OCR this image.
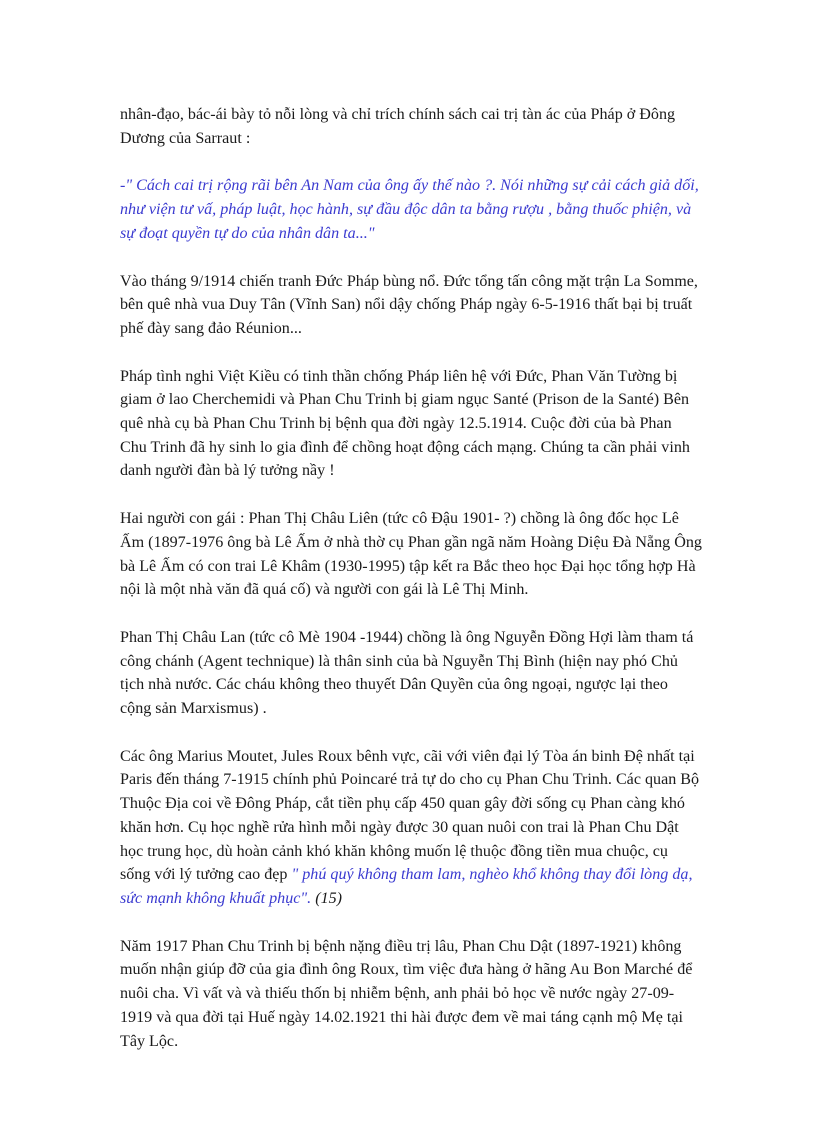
nhân-đạo, bác-ái bày tỏ nỗi lòng và chỉ trích chính sách cai trị tàn ác của Pháp ở Đông Dương của Sarraut :

-" Cách cai trị rộng rãi bên An Nam của ông ấy thế nào ?. Nói những sự cải cách giả dối, như viện tư vấ, pháp luật, học hành, sự đầu độc dân ta bằng rượu , bằng thuốc phiện, và sự đoạt quyền tự do của nhân dân ta..."

Vào tháng 9/1914 chiến tranh Đức Pháp bùng nổ. Đức tổng tấn công mặt trận La Somme, bên quê nhà vua Duy Tân (Vĩnh San) nổi dậy chống Pháp ngày 6-5-1916 thất bại bị truất phế đày sang đảo Réunion...

Pháp tình nghi Việt Kiều có tinh thần chống Pháp liên hệ với Đức, Phan Văn Tường bị giam ở lao Cherchemidi và Phan Chu Trinh bị giam ngục Santé (Prison de la Santé) Bên quê nhà cụ bà Phan Chu Trinh bị bệnh qua đời ngày 12.5.1914. Cuộc đời của bà Phan Chu Trinh đã hy sinh lo gia đình để chồng hoạt động cách mạng. Chúng ta cần phải vinh danh người đàn bà lý tưởng nầy !

Hai người con gái : Phan Thị Châu Liên (tức cô Đậu 1901- ?) chồng là ông đốc học Lê Ấm (1897-1976 ông bà Lê Ấm ở nhà thờ cụ Phan gần ngã năm Hoàng Diệu Đà Nẵng Ông bà Lê Ấm có con trai Lê Khâm (1930-1995) tập kết ra Bắc theo học Đại học tổng hợp Hà nội là một nhà văn đã quá cố) và người con gái là Lê Thị Minh.

Phan Thị Châu Lan (tức cô Mè 1904 -1944) chồng là ông Nguyễn Đồng Hợi làm tham tá công chánh (Agent technique) là thân sinh của bà Nguyễn Thị Bình (hiện nay phó Chủ tịch nhà nước. Các cháu không theo thuyết Dân Quyền của ông ngoại, ngược lại theo cộng sản Marxismus) .

Các ông Marius Moutet, Jules Roux bênh vực, cãi với viên đại lý Tòa án binh Đệ nhất tại Paris đến tháng 7-1915 chính phủ Poincaré trả tự do cho cụ Phan Chu Trinh. Các quan Bộ Thuộc Địa coi về Đông Pháp, cắt tiền phụ cấp 450 quan gây đời sống cụ Phan càng khó khăn hơn. Cụ học nghề rửa hình mỗi ngày được 30 quan nuôi con trai là Phan Chu Dật học trung học, dù hoàn cảnh khó khăn không muốn lệ thuộc đồng tiền mua chuộc, cụ sống với lý tưởng cao đẹp " phú quý không tham lam, nghèo khổ không thay đổi lòng dạ, sức mạnh không khuất phục". (15)

Năm 1917 Phan Chu Trinh bị bệnh nặng điều trị lâu, Phan Chu Dật (1897-1921) không muốn nhận giúp đỡ của gia đình ông Roux, tìm việc đưa hàng ở hãng Au Bon Marché để nuôi cha. Vì vất và và thiếu thốn bị nhiễm bệnh, anh phải bỏ học về nước ngày 27-09-1919 và qua đời tại Huế ngày 14.02.1921 thi hài được đem về mai táng cạnh mộ Mẹ tại Tây Lộc.
